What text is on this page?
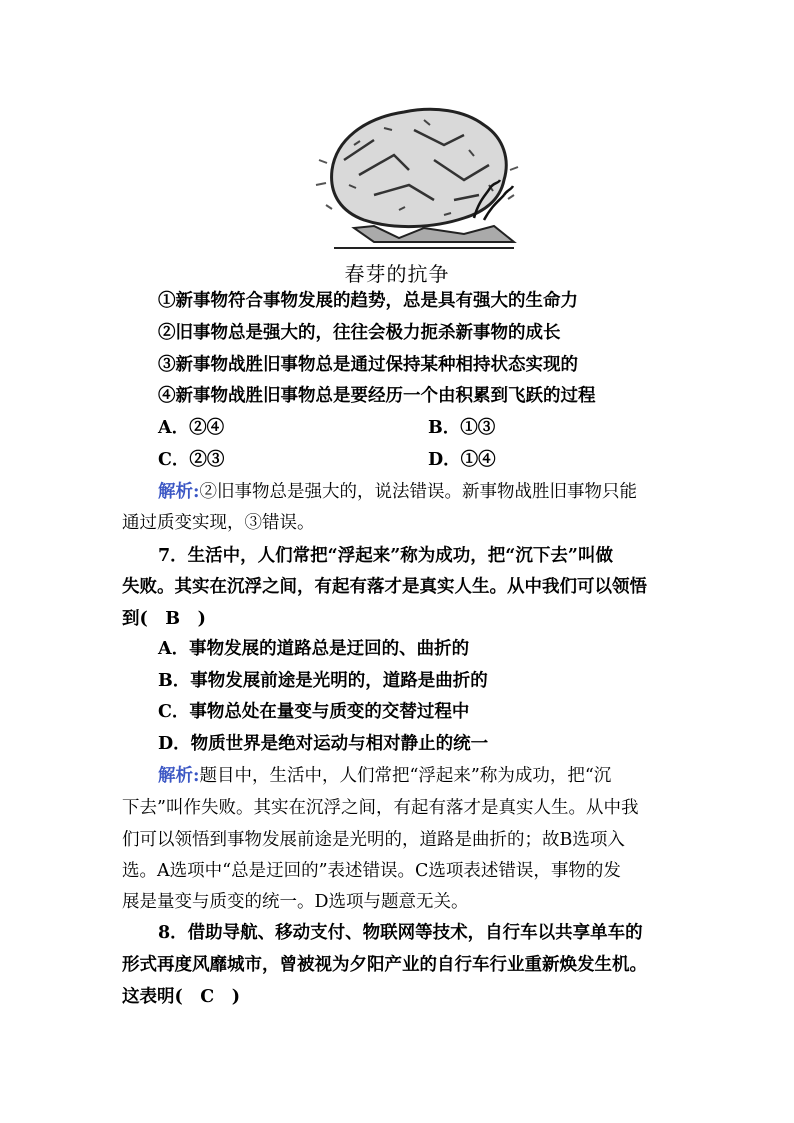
春芽的抗争
①新事物符合事物发展的趋势，总是具有强大的生命力
②旧事物总是强大的，往往会极力扼杀新事物的成长
③新事物战胜旧事物总是通过保持某种相持状态实现的
④新事物战胜旧事物总是要经历一个由积累到飞跃的过程
A．②④	B．①③
C．②③	D．①④
解析:②旧事物总是强大的，说法错误。新事物战胜旧事物只能
通过质变实现，③错误。
7．生活中，人们常把“浮起来”称为成功，把“沉下去”叫做
失败。其实在沉浮之间，有起有落才是真实人生。从中我们可以领悟
到(　B　)
A．事物发展的道路总是迂回的、曲折的
B．事物发展前途是光明的，道路是曲折的
C．事物总处在量变与质变的交替过程中
D．物质世界是绝对运动与相对静止的统一
解析:题目中，生活中，人们常把“浮起来”称为成功，把“沉
下去”叫作失败。其实在沉浮之间，有起有落才是真实人生。从中我
们可以领悟到事物发展前途是光明的，道路是曲折的；故B选项入
选。A选项中“总是迂回的”表述错误。C选项表述错误，事物的发
展是量变与质变的统一。D选项与题意无关。
8．借助导航、移动支付、物联网等技术，自行车以共享单车的
形式再度风靡城市，曾被视为夕阳产业的自行车行业重新焕发生机。
这表明(　C　)
